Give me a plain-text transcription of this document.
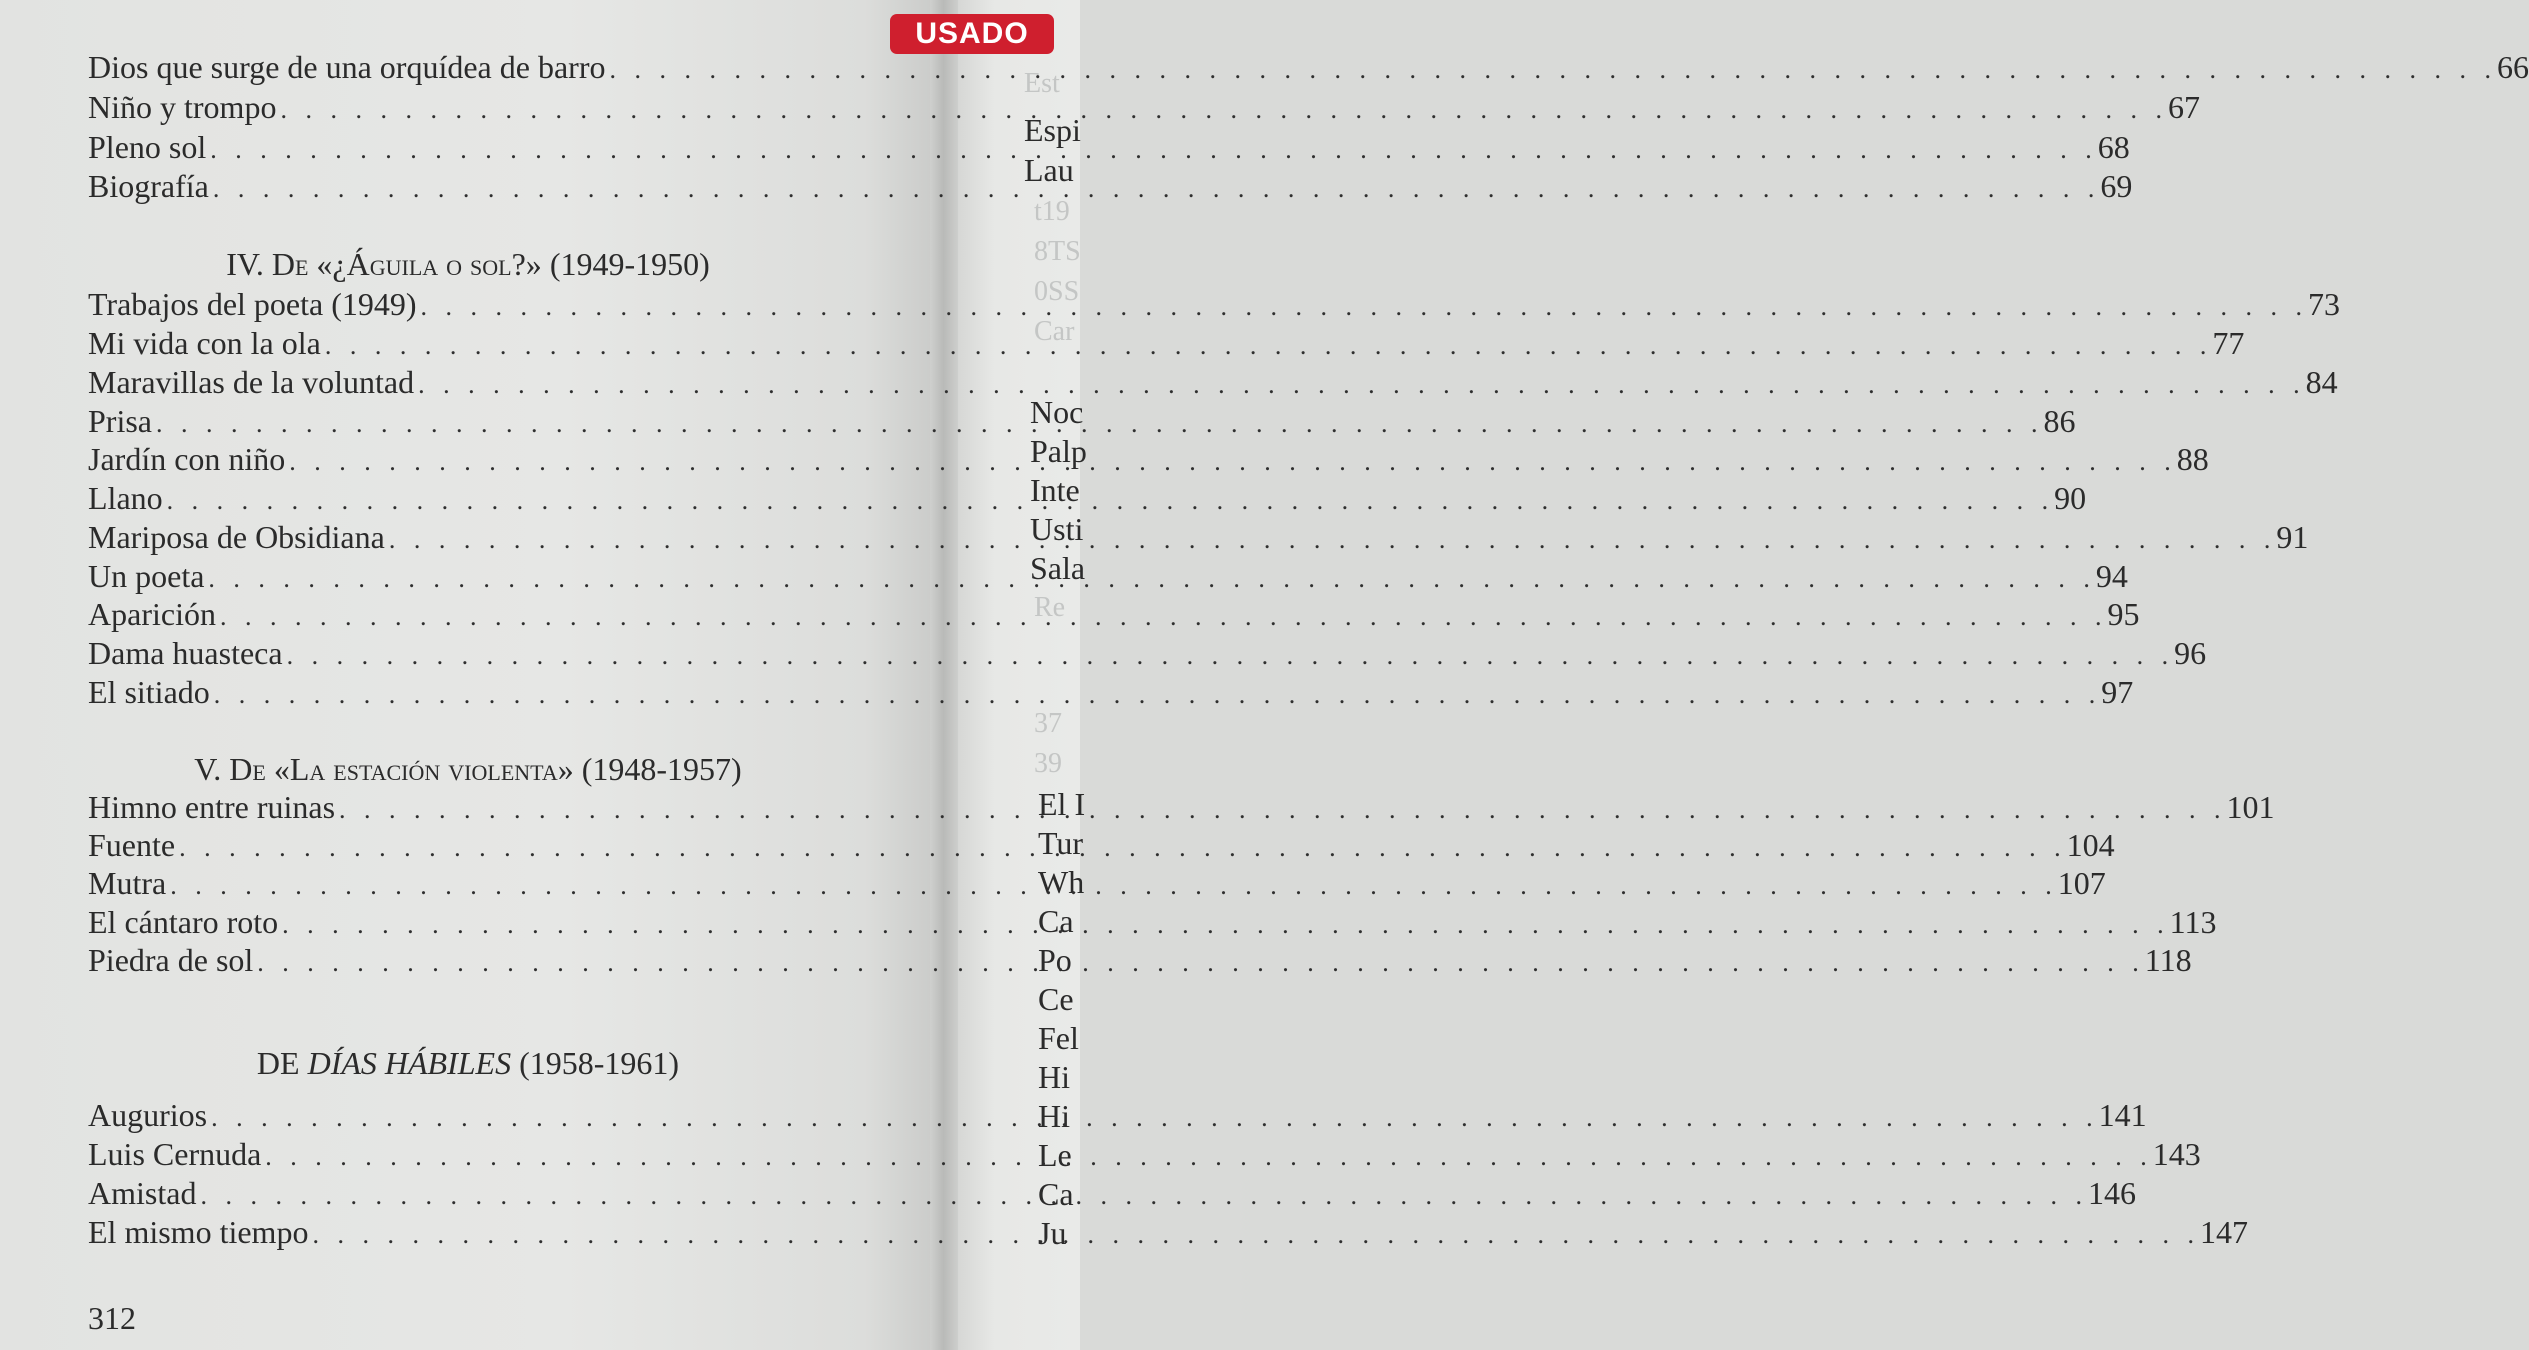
Est
t19
8TS
0SS
Car
Re
37
39
Espi
Lau
Noc
Palp
Inte
Usti
Sala
El I
Tur
Wh
Ca
Po
Ce
Fel
Hi
Hi
Le
Ca
Ju
USADO
Dios que surge de una orquídea de barro . . .	66
Niño y trompo . . .	67
Pleno sol . . .	68
Biografía . . .	69
IV. De «¿Águila o sol?» (1949-1950)
Trabajos del poeta (1949) . . .	73
Mi vida con la ola . . .	77
Maravillas de la voluntad . . .	84
Prisa . . .	86
Jardín con niño . . .	88
Llano . . .	90
Mariposa de Obsidiana . . .	91
Un poeta . . .	94
Aparición . . .	95
Dama huasteca . . .	96
El sitiado . . .	97
V. De «La estación violenta» (1948-1957)
Himno entre ruinas . . .	101
Fuente . . .	104
Mutra . . .	107
El cántaro roto . . .	113
Piedra de sol . . .	118
DE DÍAS HÁBILES (1958-1961)
Augurios . . .	141
Luis Cernuda . . .	143
Amistad . . .	146
El mismo tiempo . . .	147
312
